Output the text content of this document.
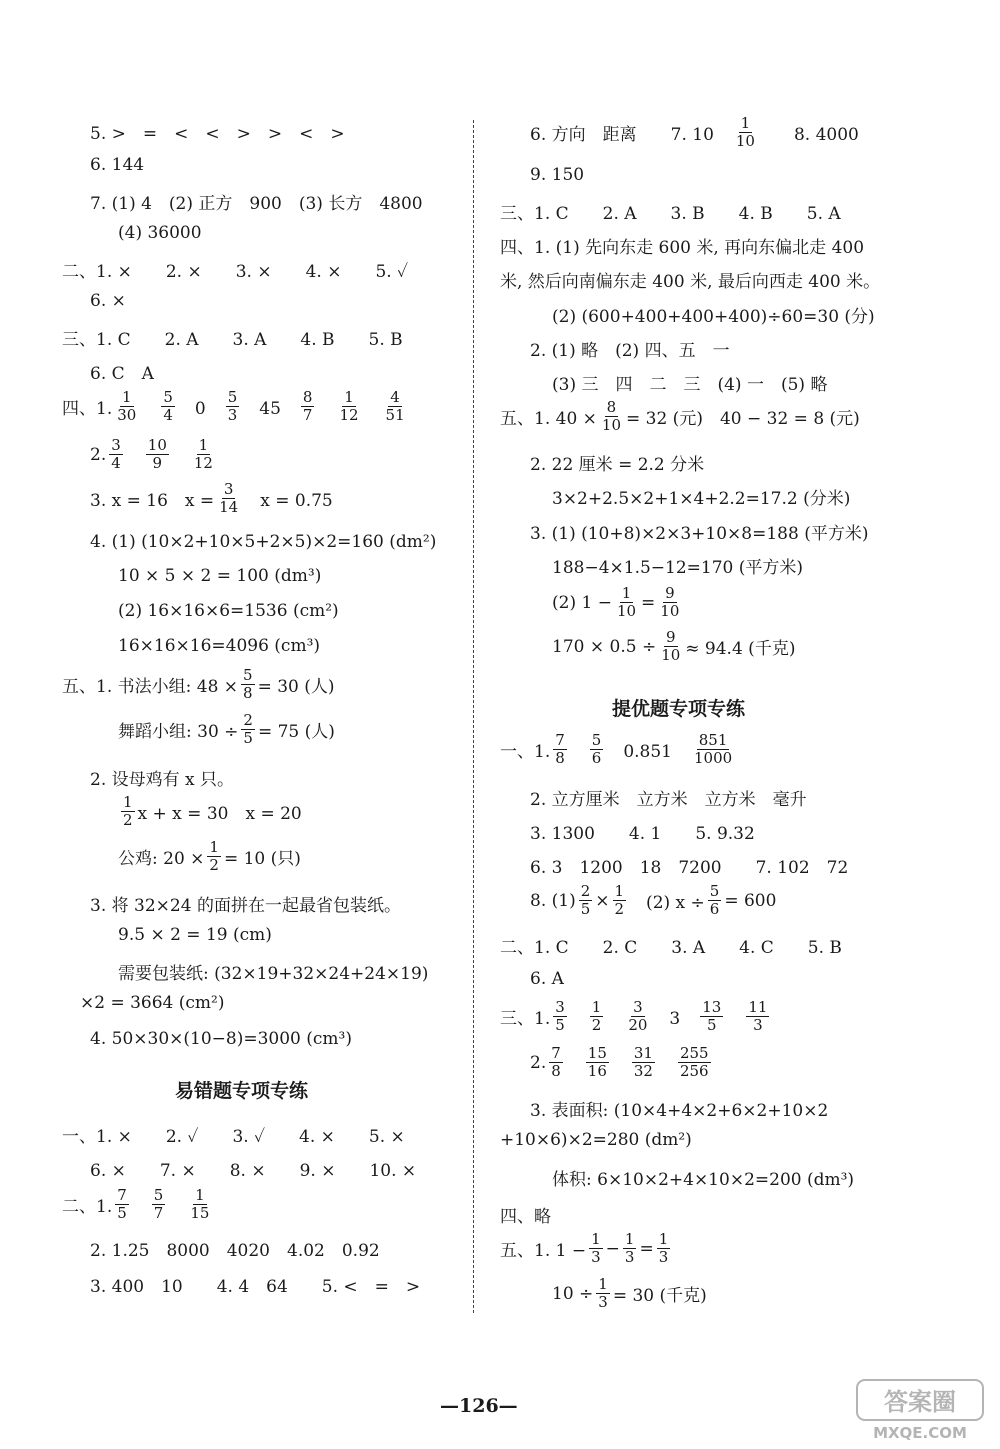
5. >　=　<　<　>　>　<　>
6. 144
7. (1) 4　(2) 正方　900　(3) 长方　4800
(4) 36000
二、1. ×　　2. ×　　3. ×　　4. ×　　5. ✓
6. ×
三、1. C　　2. A　　3. A　　4. B　　5. B
6. C　A
四、1. $\frac{1}{30}$
　 $\frac{5}{4}$ 　0　 $\frac{5}{3}$ 　45　 $\frac{8}{7}$
　 $\frac{1}{12}$
　 $\frac{4}{51}$
2. $\frac{3}{4}$
　 $\frac{10}{9}$
　 $\frac{1}{12}$
3. x = 16　$x = \frac{3}{14}$ 　x = 0.75
4. (1) (10×2+10×5+2×5)×2=160 (dm²)
10 × 5 × 2 = 100 (dm³)
(2) 16×16×6=1536 (cm²)
16×16×16=4096 (cm³)
五、1. 书法小组: $48 \times \frac{5}{8} = 30$ (人)
舞蹈小组: $30 \div \frac{2}{5} = 75$ (人)
2. 设母鸡有 x 只。
$\frac{1}{2}$ x + x = 30　x = 20
公鸡: $20 \times \frac{1}{2} = 10$ (只)
3. 将 32×24 的面拼在一起最省包装纸。
9.5 × 2 = 19 (cm)
需要包装纸: (32×19+32×24+24×19)
×2 = 3664 (cm²)
4. 50×30×(10−8)=3000 (cm³)
一、1. ×　　2. ✓　　3. ✓　　4. ×　　5. ×
6. ×　　7. ×　　8. ×　　9. ×　　10. ×
二、1. $\frac{7}{5}$
　 $\frac{5}{7}$
　 $\frac{1}{15}$
2. 1.25　8000　4020　4.02　0.92
3. 400　10　　4. 4　64　　5. <　=　>
易错题专项专练
6. 方向　距离　　7. 10　 $\frac{1}{10}$ 　　8. 4000
9. 150
三、1. C　　2. A　　3. B　　4. B　　5. A
四、1. (1) 先向东走 600 米, 再向东偏北走 400
米, 然后向南偏东走 400 米, 最后向西走 400 米。
(2) (600+400+400+400)÷60=30 (分)
2. (1) 略　(2) 四、五　一
(3) 三　四　二　三　(4) 一　(5) 略
五、1. $40 \times \frac{8}{10} = 32$ (元)　40 − 32 = 8 (元)
2. 22 厘米 = 2.2 分米
3×2+2.5×2+1×4+2.2=17.2 (分米)
3. (1) (10+8)×2×3+10×8=188 (平方米)
188−4×1.5−12=170 (平方米)
(2) $1 - \frac{1}{10} = \frac{9}{10}$
$170 \times 0.5 \div \frac{9}{10} \approx 94.4$ (千克)
一、1. $\frac{7}{8}$
　 $\frac{5}{6}$ 　0.851　 $\frac{851}{1000}$
2. 立方厘米　立方米　立方米　毫升
3. 1300　　4. 1　　5. 9.32
6. 3　1200　18　7200　　7. 102　72
8. $(1) \frac{2}{5} \times \frac{1}{2}$ 　(2) $x \div \frac{5}{6} = 600$
二、1. C　　2. C　　3. A　　4. C　　5. B
6. A
三、1. $\frac{3}{5}$
　 $\frac{1}{2}$
　 $\frac{3}{20}$ 　3　 $\frac{13}{5}$
　 $\frac{11}{3}$
2. $\frac{7}{8}$
　 $\frac{15}{16}$
　 $\frac{31}{32}$
　 $\frac{255}{256}$
3. 表面积: (10×4+4×2+6×2+10×2
+10×6)×2=280 (dm²)
体积: 6×10×2+4×10×2=200 (dm³)
四、略
五、1. $1 - \frac{1}{3} - \frac{1}{3} = \frac{1}{3}$
$10 \div \frac{1}{3} = 30$ (千克)
提优题专项专练
—126—	答案圈
MXQE.COM
